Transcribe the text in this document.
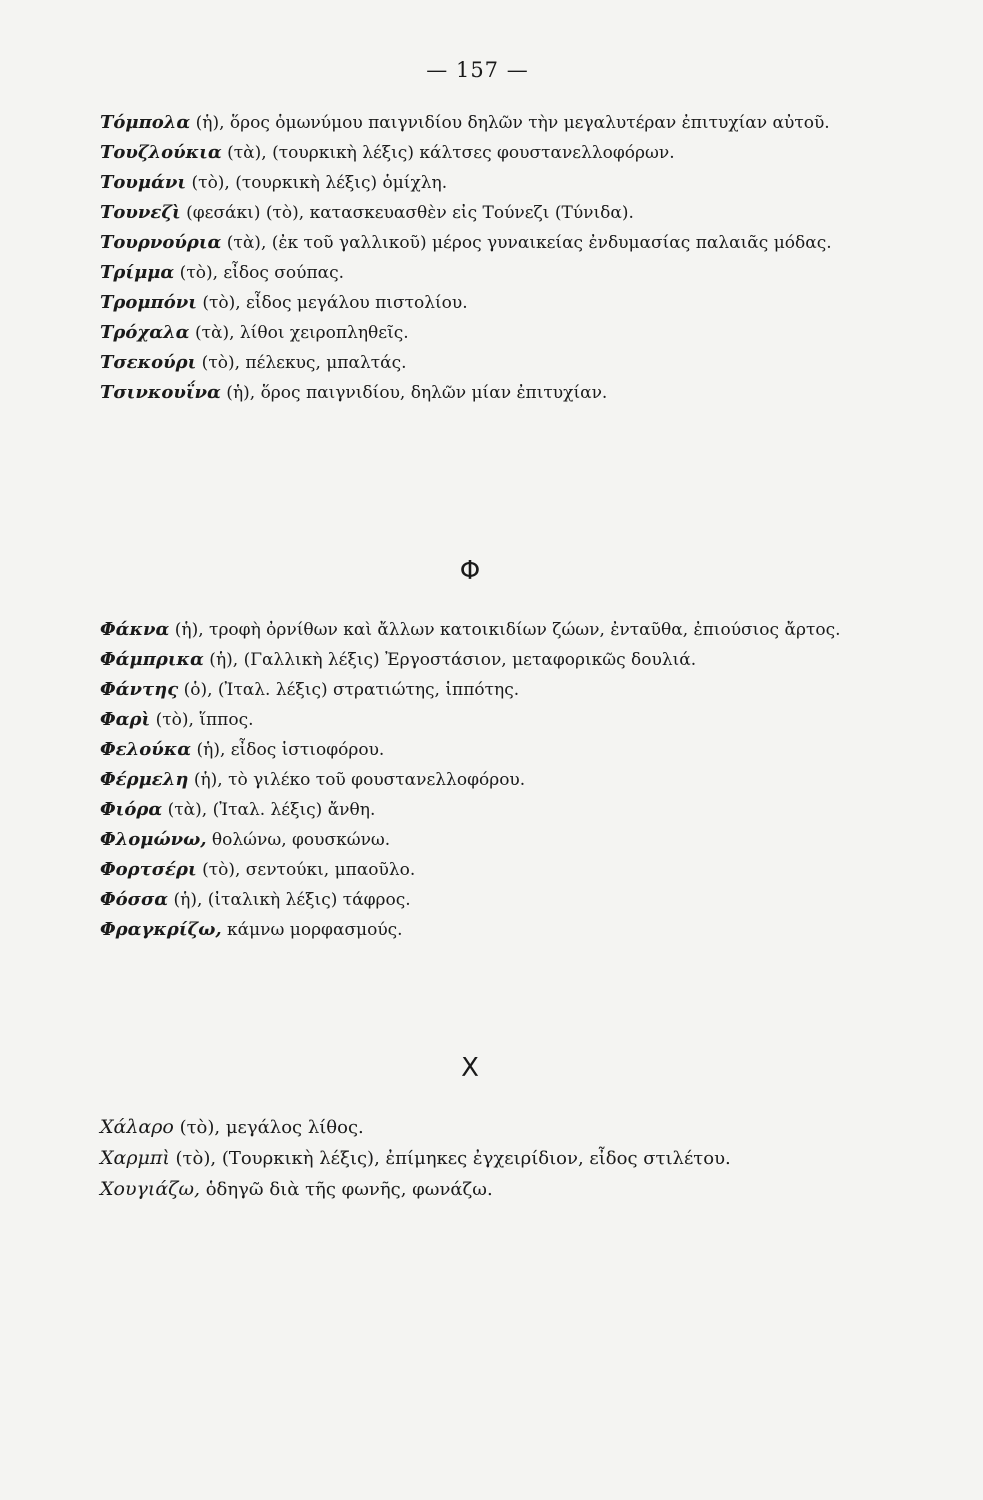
— 157 —
Τόμπολα (ἡ), ὅρος ὁμωνύμου παιγνιδίου δηλῶν τὴν μεγαλυτέραν ἐπιτυχίαν αὐτοῦ.
Τουζλούκια (τὰ), (τουρκικὴ λέξις) κάλτσες φουστανελλοφόρων.
Τουμάνι (τὸ), (τουρκικὴ λέξις) ὁμίχλη.
Τουνεζὶ (φεσάκι) (τὸ), κατασκευασθὲν εἰς Τούνεζι (Τύνιδα).
Τουρνούρια (τὰ), (ἐκ τοῦ γαλλικοῦ) μέρος γυναικείας ἐνδυμασίας παλαιᾶς μόδας.
Τρίμμα (τὸ), εἶδος σούπας.
Τρομπόνι (τὸ), εἶδος μεγάλου πιστολίου.
Τρόχαλα (τὰ), λίθοι χειροπληθεῖς.
Τσεκούρι (τὸ), πέλεκυς, μπαλτάς.
Τσινκουΐνα (ἡ), ὅρος παιγνιδίου, δηλῶν μίαν ἐπιτυχίαν.
Φ
Φάκνα (ἡ), τροφὴ ὀρνίθων καὶ ἄλλων κατοικιδίων ζώων, ἐνταῦθα, ἐπιούσιος ἄρτος.
Φάμπρικα (ἡ), (Γαλλικὴ λέξις) Ἐργοστάσιον, μεταφορικῶς δουλιά.
Φάντης (ὁ), (Ἰταλ. λέξις) στρατιώτης, ἱππότης.
Φαρὶ (τὸ), ἵππος.
Φελούκα (ἡ), εἶδος ἱστιοφόρου.
Φέρμελη (ἡ), τὸ γιλέκο τοῦ φουστανελλοφόρου.
Φιόρα (τὰ), (Ἰταλ. λέξις) ἄνθη.
Φλομώνω, θολώνω, φουσκώνω.
Φορτσέρι (τὸ), σεντούκι, μπαοῦλο.
Φόσσα (ἡ), (ἰταλικὴ λέξις) τάφρος.
Φραγκρίζω, κάμνω μορφασμούς.
Χ
Χάλαρο (τὸ), μεγάλος λίθος.
Χαρμπὶ (τὸ), (Τουρκικὴ λέξις), ἐπίμηκες ἐγχειρίδιον, εἶδος στιλέτου.
Χουγιάζω, ὁδηγῶ διὰ τῆς φωνῆς, φωνάζω.
